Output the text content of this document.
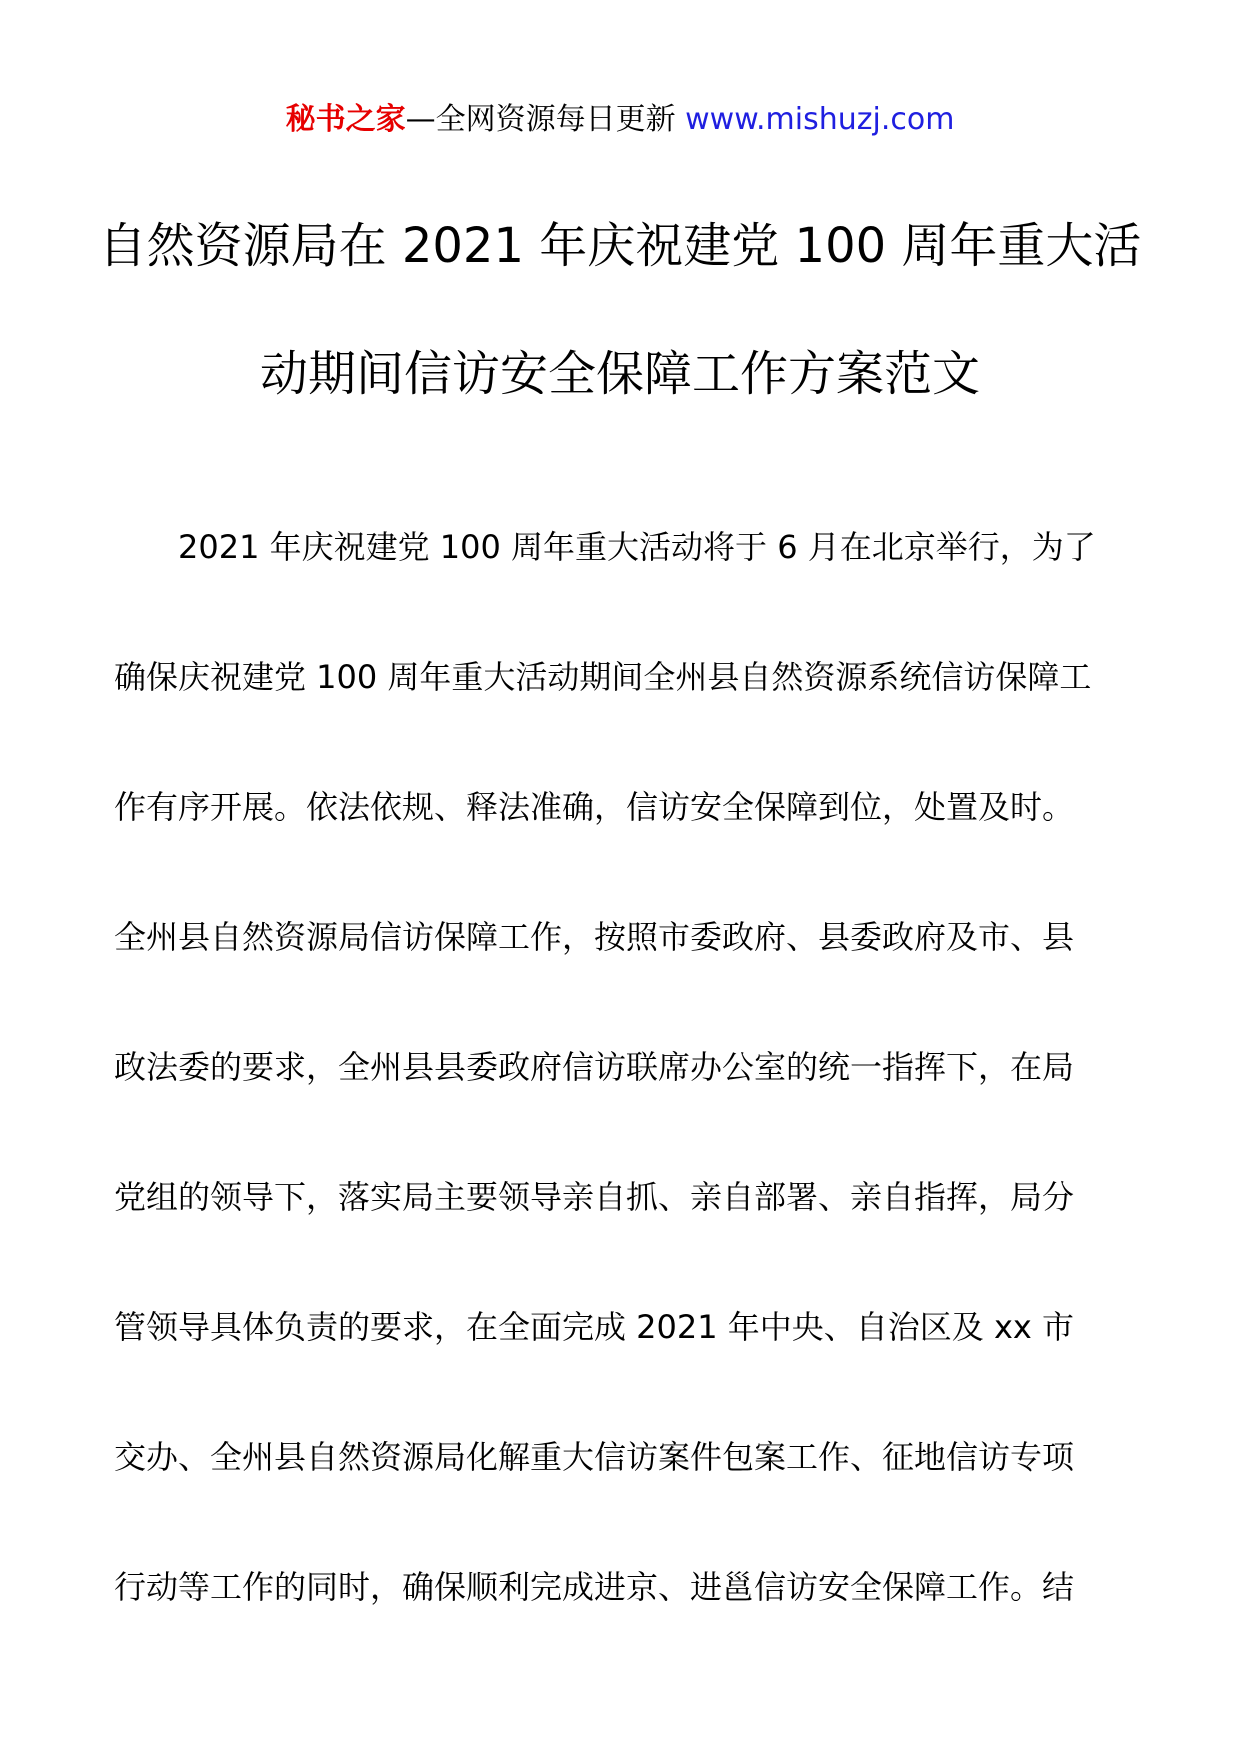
秘书之家—全网资源每日更新 www.mishuzj.com
自然资源局在 2021 年庆祝建党 100 周年重大活
动期间信访安全保障工作方案范文
2021 年庆祝建党 100 周年重大活动将于 6 月在北京举行，为了
确保庆祝建党 100 周年重大活动期间全州县自然资源系统信访保障工
作有序开展。依法依规、释法准确，信访安全保障到位，处置及时。
全州县自然资源局信访保障工作，按照市委政府、县委政府及市、县
政法委的要求，全州县县委政府信访联席办公室的统一指挥下，在局
党组的领导下，落实局主要领导亲自抓、亲自部署、亲自指挥，局分
管领导具体负责的要求，在全面完成 2021 年中央、自治区及 xx 市
交办、全州县自然资源局化解重大信访案件包案工作、征地信访专项
行动等工作的同时，确保顺利完成进京、进邕信访安全保障工作。结
